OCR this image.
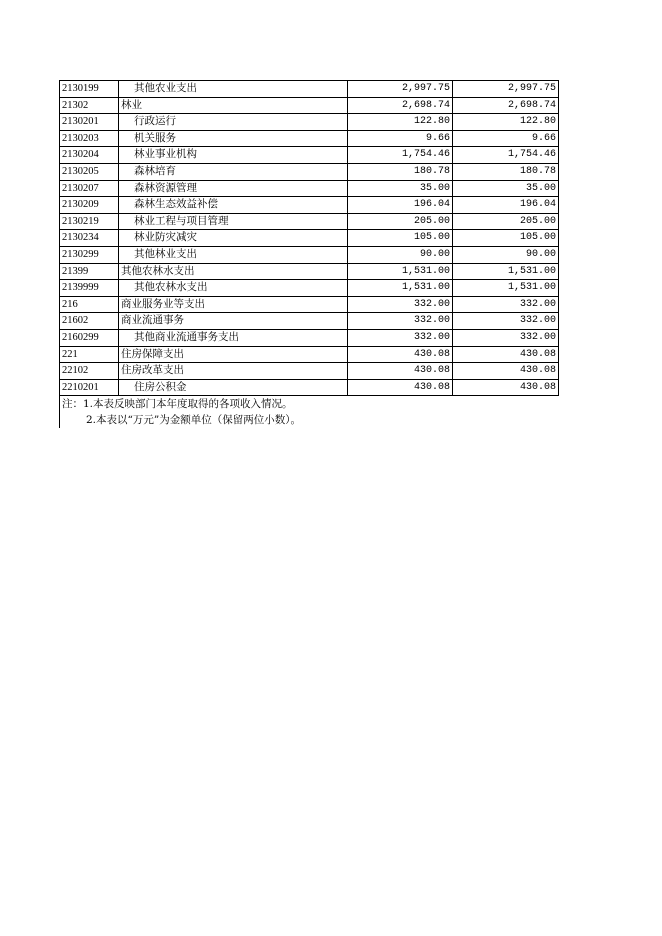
2130199	其他农业支出	2,997.75	2,997.75
21302	林业	2,698.74	2,698.74
2130201	行政运行	122.80	122.80
2130203	机关服务	9.66	9.66
2130204	林业事业机构	1,754.46	1,754.46
2130205	森林培育	180.78	180.78
2130207	森林资源管理	35.00	35.00
2130209	森林生态效益补偿	196.04	196.04
2130219	林业工程与项目管理	205.00	205.00
2130234	林业防灾减灾	105.00	105.00
2130299	其他林业支出	90.00	90.00
21399	其他农林水支出	1,531.00	1,531.00
2139999	其他农林水支出	1,531.00	1,531.00
216	商业服务业等支出	332.00	332.00
21602	商业流通事务	332.00	332.00
2160299	其他商业流通事务支出	332.00	332.00
221	住房保障支出	430.08	430.08
22102	住房改革支出	430.08	430.08
2210201	住房公积金	430.08	430.08
注：1.本表反映部门本年度取得的各项收入情况。
2.本表以“万元”为金额单位（保留两位小数）。
